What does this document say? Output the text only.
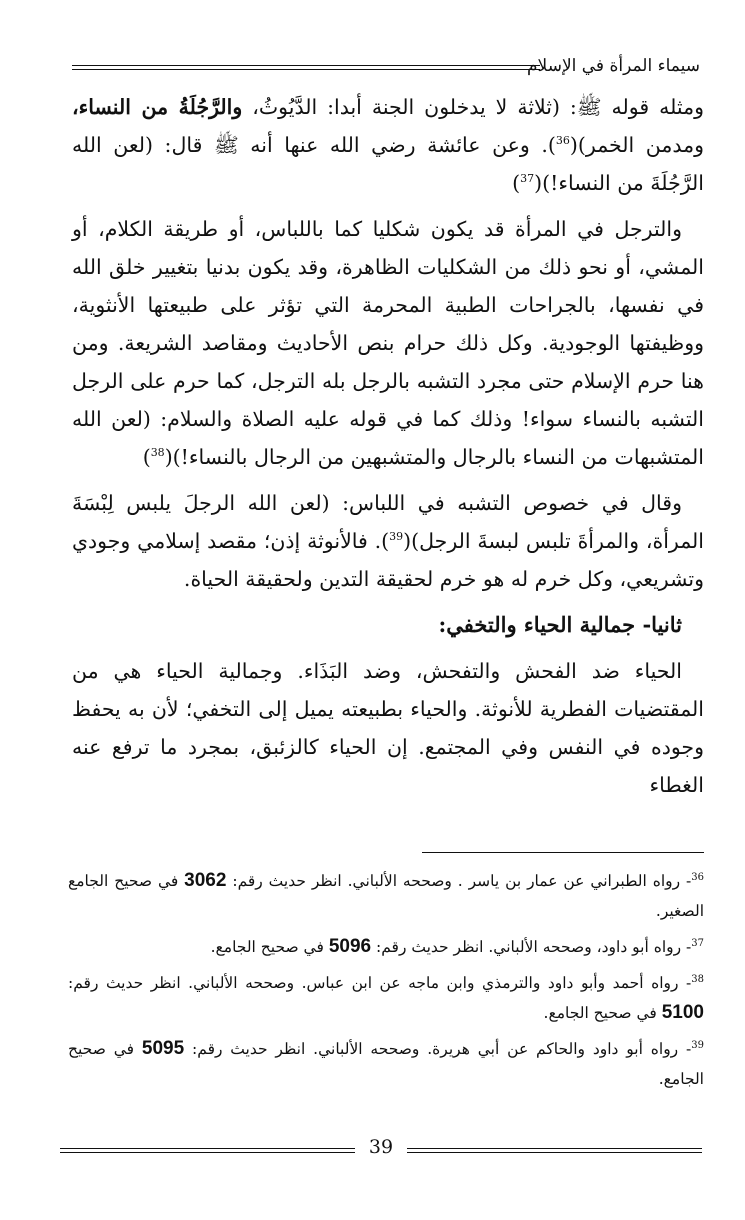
سيماء المرأة في الإسلام

ومثله قوله ﷺ: (ثلاثة لا يدخلون الجنة أبدا: الدَّيُوثُ، والرَّجُلَةُ من النساء، ومدمن الخمر)($^{36}$). وعن عائشة رضي الله عنها أنه ﷺ قال: (لعن الله الرَّجُلَةَ من النساء!)($^{37}$)

والترجل في المرأة قد يكون شكليا كما باللباس، أو طريقة الكلام، أو المشي، أو نحو ذلك من الشكليات الظاهرة، وقد يكون بدنيا بتغيير خلق الله في نفسها، بالجراحات الطبية المحرمة التي تؤثر على طبيعتها الأنثوية، ووظيفتها الوجودية. وكل ذلك حرام بنص الأحاديث ومقاصد الشريعة. ومن هنا حرم الإسلام حتى مجرد التشبه بالرجل بله الترجل، كما حرم على الرجل التشبه بالنساء سواء! وذلك كما في قوله عليه الصلاة والسلام: (لعن الله المتشبهات من النساء بالرجال والمتشبهين من الرجال بالنساء!)($^{38}$)

وقال في خصوص التشبه في اللباس: (لعن الله الرجلَ يلبس لِبْسَةَ المرأة، والمرأةَ تلبس لبسةَ الرجل)($^{39}$). فالأنوثة إذن؛ مقصد إسلامي وجودي وتشريعي، وكل خرم له هو خرم لحقيقة التدين ولحقيقة الحياة.

ثانيا- جمالية الحياء والتخفي:

الحياء ضد الفحش والتفحش، وضد البَذَاء. وجمالية الحياء هي من المقتضيات الفطرية للأنوثة. والحياء بطبيعته يميل إلى التخفي؛ لأن به يحفظ وجوده في النفس وفي المجتمع. إن الحياء كالزئبق، بمجرد ما ترفع عنه الغطاء

$^{36}$- رواه الطبراني عن عمار بن ياسر . وصححه الألباني. انظر حديث رقم: 3062 في صحيح الجامع الصغير.

$^{37}$- رواه أبو داود، وصححه الألباني. انظر حديث رقم: 5096 في صحيح الجامع.

$^{38}$- رواه أحمد وأبو داود والترمذي وابن ماجه عن ابن عباس. وصححه الألباني. انظر حديث رقم: 5100 في صحيح الجامع.

$^{39}$- رواه أبو داود والحاكم عن أبي هريرة. وصححه الألباني. انظر حديث رقم: 5095 في صحيح الجامع.

39
